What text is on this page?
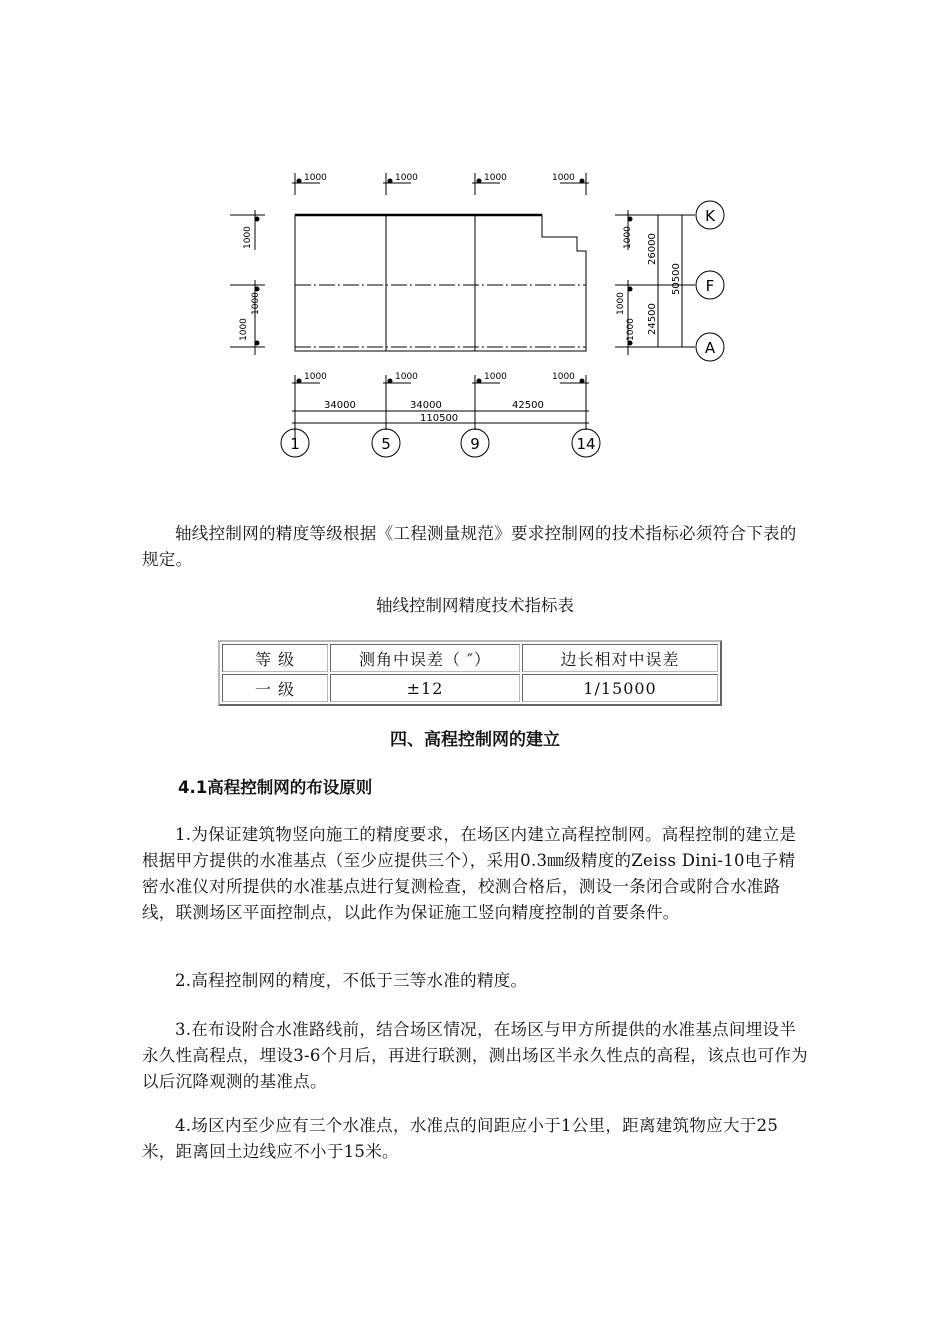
1000	1000	1000	1000
1000	1000	1000	1000
34000	34000	42500
110500
1000
1000
1000
1000
1000
1000
26000
24500
50500
1	5	9	14
K
F
A

轴线控制网的精度等级根据《工程测量规范》要求控制网的技术指标必须符合下表的规定。

轴线控制网精度技术指标表

等 级	测角中误差（ ″）	边长相对中误差
一 级	±12	1/15000

四、高程控制网的建立

4.1高程控制网的布设原则

1.为保证建筑物竖向施工的精度要求，在场区内建立高程控制网。高程控制的建立是根据甲方提供的水准基点（至少应提供三个），采用0.3㎜级精度的Zeiss Dini-10电子精密水准仪对所提供的水准基点进行复测检查，校测合格后，测设一条闭合或附合水准路线，联测场区平面控制点，以此作为保证施工竖向精度控制的首要条件。

2.高程控制网的精度，不低于三等水准的精度。

3.在布设附合水准路线前，结合场区情况，在场区与甲方所提供的水准基点间埋设半永久性高程点，埋设3-6个月后，再进行联测，测出场区半永久性点的高程，该点也可作为以后沉降观测的基准点。

4.场区内至少应有三个水准点，水准点的间距应小于1公里，距离建筑物应大于25米，距离回土边线应不小于15米。
